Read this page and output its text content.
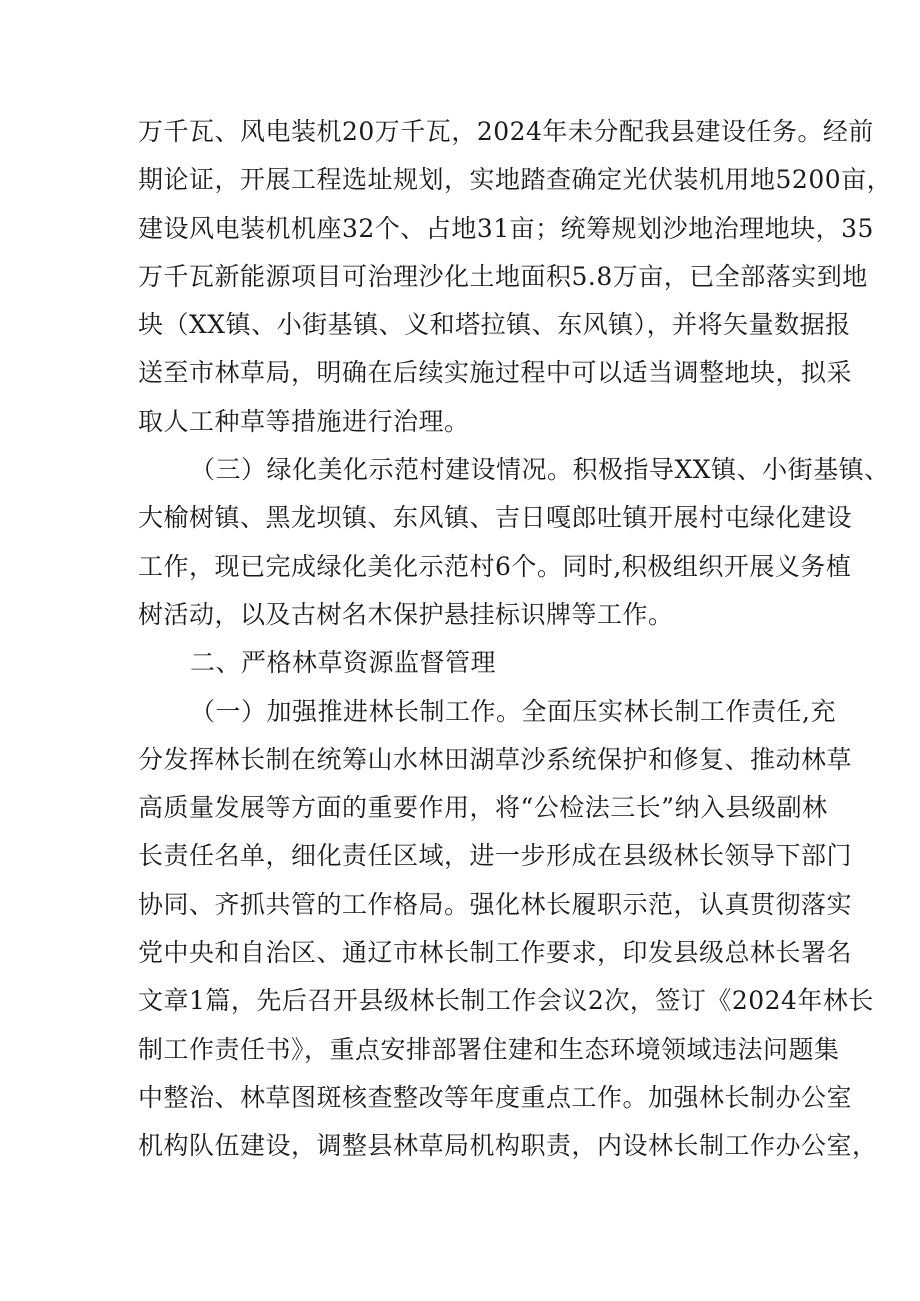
万千瓦、风电装机20万千瓦，2024年未分配我县建设任务。经前
期论证，开展工程选址规划，实地踏查确定光伏装机用地5200亩，
建设风电装机机座32个、占地31亩；统筹规划沙地治理地块，35
万千瓦新能源项目可治理沙化土地面积5.8万亩，已全部落实到地
块（XX镇、小街基镇、义和塔拉镇、东风镇），并将矢量数据报
送至市林草局，明确在后续实施过程中可以适当调整地块，拟采
取人工种草等措施进行治理。
（三）绿化美化示范村建设情况。积极指导XX镇、小街基镇、
大榆树镇、黑龙坝镇、东风镇、吉日嘎郎吐镇开展村屯绿化建设
工作，现已完成绿化美化示范村6个。同时,积极组织开展义务植
树活动，以及古树名木保护悬挂标识牌等工作。
二、严格林草资源监督管理
（一）加强推进林长制工作。全面压实林长制工作责任,充
分发挥林长制在统筹山水林田湖草沙系统保护和修复、推动林草
高质量发展等方面的重要作用，将“公检法三长”纳入县级副林
长责任名单，细化责任区域，进一步形成在县级林长领导下部门
协同、齐抓共管的工作格局。强化林长履职示范，认真贯彻落实
党中央和自治区、通辽市林长制工作要求，印发县级总林长署名
文章1篇，先后召开县级林长制工作会议2次，签订《2024年林长
制工作责任书》，重点安排部署住建和生态环境领域违法问题集
中整治、林草图斑核查整改等年度重点工作。加强林长制办公室
机构队伍建设，调整县林草局机构职责，内设林长制工作办公室，
